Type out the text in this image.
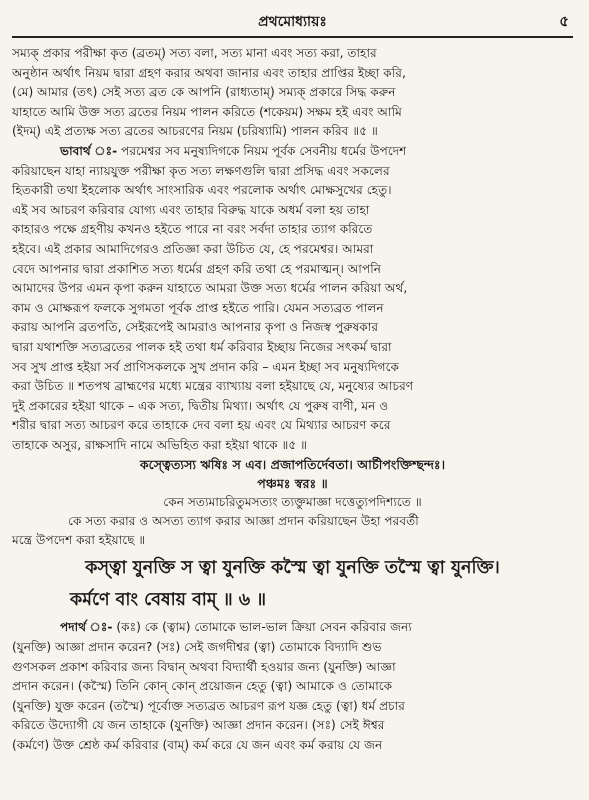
প্রথমোধ্যায়ঃ	৫
সম্যক্ প্রকার পরীক্ষা কৃত (ব্রতম্) সত্য বলা, সত্য মানা এবং সত্য করা, তাহার
অনুষ্ঠান অর্থাৎ নিয়ম দ্বারা গ্রহণ করার অথবা জানার এবং তাহার প্রাপ্তির ইচ্ছা করি,
(মে) আমার (তৎ) সেই সত্য ব্রত কে আপনি (রাধ্যতাম্) সম্যক্ প্রকারে সিদ্ধ করুন
যাহাতে আমি উক্ত সত্য ব্রতের নিয়ম পালন করিতে (শকেয়ম) সক্ষম হই এবং আমি
(ইদম্) এই প্রত্যক্ষ সত্য ব্রতের আচরণের নিয়ম (চরিষ্যামি) পালন করিব ॥৫ ॥
ভাবার্থ ঃ- পরমেশ্বর সব মনুষ্যদিগকে নিয়ম পূর্বক সেবনীয় ধর্মের উপদেশ
করিয়াছেন যাহা ন্যায়যুক্ত পরীক্ষা কৃত সত্য লক্ষণগুলি দ্বারা প্রসিদ্ধ এবং সকলের
হিতকারী তথা ইহলোক অর্থাৎ সাংসারিক এবং পরলোক অর্থাৎ মোক্ষসুখের হেতু।
এই সব আচরণ করিবার যোগ্য এবং তাহার বিরুদ্ধ যাকে অধর্ম বলা হয় তাহা
কাহারও পক্ষে গ্রহণীয় কখনও হইতে পারে না বরং সর্বদা তাহার ত্যাগ করিতে
হইবে। এই প্রকার আমাদিগেরও প্রতিজ্ঞা করা উচিত যে, হে পরমেশ্বর। আমরা
বেদে আপনার দ্বারা প্রকাশিত সত্য ধর্মের গ্রহণ করি তথা হে পরমাত্মন্। আপনি
আমাদের উপর এমন কৃপা করুন যাহাতে আমরা উক্ত সত্য ধর্মের পালন করিয়া অর্থ,
কাম ও মোক্ষরূপ ফলকে সুগমতা পূর্বক প্রাপ্ত হইতে পারি। যেমন সত্যব্রত পালন
করায় আপনি ব্রতপতি, সেইরূপেই আমরাও আপনার কৃপা ও নিজস্ব পুরুষকার
দ্বারা যথাশক্তি সত্যব্রতের পালক হই তথা ধর্ম করিবার ইচ্ছায় নিজের সৎকর্ম দ্বারা
সব সুখ প্রাপ্ত হইয়া সর্ব প্রাণিসকলকে সুখ প্রদান করি – এমন ইচ্ছা সব মনুষ্যদিগকে
করা উচিত ॥ শতপথ ব্রাহ্মণের মধ্যে মন্ত্রের ব্যাখ্যায় বলা হইয়াছে যে, মনুষ্যের আচরণ
দুই প্রকারের হইয়া থাকে – এক সত্য, দ্বিতীয় মিথ্যা। অর্থাৎ যে পুরুষ বাণী, মন ও
শরীর দ্বারা সত্য আচরণ করে তাহাকে দেব বলা হয় এবং যে মিথ্যার আচরণ করে
তাহাকে অসুর, রাক্ষসাদি নামে অভিহিত করা হইয়া থাকে ॥৫ ॥
কস্ত্বেত্যস্য ঋষিঃ স এব। প্রজাপতির্দেবতা। আর্চীপংক্তিশ্ছন্দঃ।
পঞ্চমঃ স্বরঃ ॥
কেন সত্যমাচরিতুমসত্যং ত্যক্তুমাজ্ঞা দত্তেত্যুপদিশ্যতে ॥
কে সত্য করার ও অসত্য ত্যাগ করার আজ্ঞা প্রদান করিয়াছেন উহা পরবর্তী
মন্ত্রে উপদেশ করা হইয়াছে ॥
কস্ত্বা যুনক্তি স ত্বা যুনক্তি কস্মৈ ত্বা যুনক্তি তস্মৈ ত্বা যুনক্তি।
কর্মণে বাং বেষায় বাম্ ॥ ৬ ॥
পদার্থ ঃ- (কঃ) কে (ত্বাম) তোমাকে ভাল-ভাল ক্রিয়া সেবন করিবার জন্য
(যুনক্তি) আজ্ঞা প্রদান করেন? (সঃ) সেই জগদীশ্বর (ত্বা) তোমাকে বিদ্যাদি শুভ
গুণসকল প্রকাশ করিবার জন্য বিদ্বান্ অথবা বিদ্যার্থী হওয়ার জন্য (যুনক্তি) আজ্ঞা
প্রদান করেন। (কস্মৈ) তিনি কোন্ কোন্ প্রয়োজন হেতু (ত্বা) আমাকে ও তোমাকে
(যুনক্তি) যুক্ত করেন (তস্মৈ) পূর্বোক্ত সত্যব্রত আচরণ রূপ যজ্ঞ হেতু (ত্বা) ধর্ম প্রচার
করিতে উদ্যোগী যে জন তাহাকে (যুনক্তি) আজ্ঞা প্রদান করেন। (সঃ) সেই ঈশ্বর
(কর্মণে) উক্ত শ্রেষ্ঠ কর্ম করিবার (বাম্) কর্ম করে যে জন এবং কর্ম করায় যে জন
